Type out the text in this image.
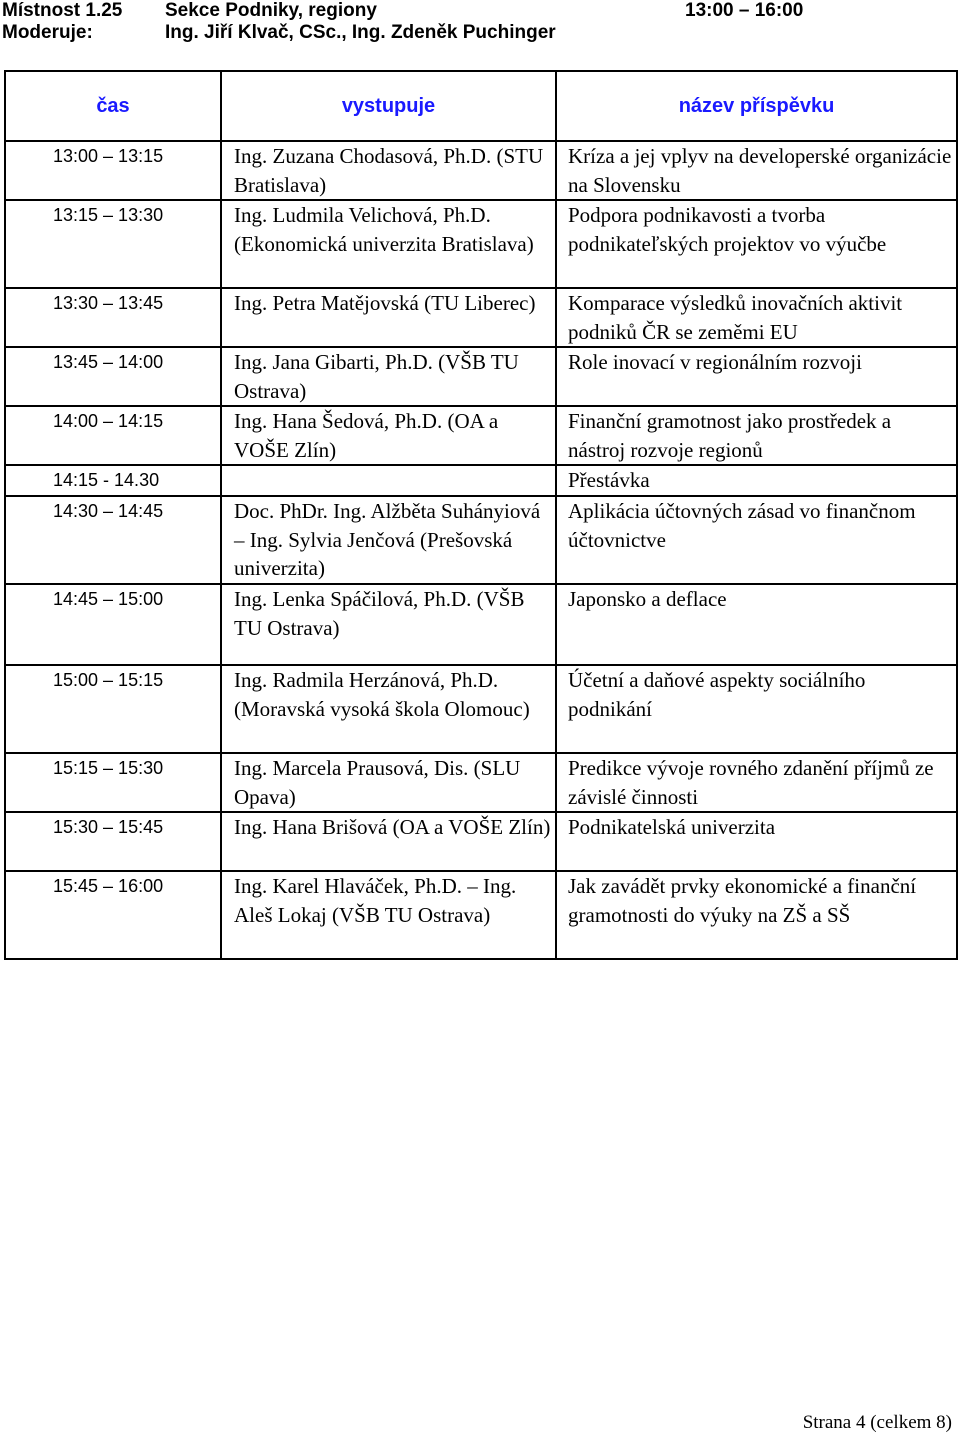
Místnost 1.25

Sekce Podniky, regiony

	13:00 – 16:00

Moderuje:

	Ing. Jiří Klvač, CSc., Ing. Zdeněk Puchinger

čas	vystupuje	název příspěvku
13:00 – 13:15	Ing. Zuzana Chodasová, Ph.D. (STU Bratislava)	Kríza a jej vplyv na developerské organizácie na Slovensku
13:15 – 13:30	Ing. Ludmila Velichová, Ph.D. (Ekonomická univerzita Bratislava)	Podpora podnikavosti a tvorba podnikateľských projektov vo výučbe
13:30 – 13:45	Ing. Petra Matějovská (TU Liberec)	Komparace výsledků inovačních aktivit podniků ČR se zeměmi EU
13:45 – 14:00	Ing. Jana Gibarti, Ph.D. (VŠB TU Ostrava)	Role inovací v regionálním rozvoji
14:00 – 14:15	Ing. Hana Šedová, Ph.D. (OA a VOŠE Zlín)	Finanční gramotnost jako prostředek a nástroj rozvoje regionů
14:15 - 14.30		Přestávka
14:30 – 14:45	Doc. PhDr. Ing. Alžběta Suhányiová – Ing. Sylvia Jenčová (Prešovská univerzita)	Aplikácia účtovných zásad vo finančnom účtovnictve
14:45 – 15:00	Ing. Lenka Spáčilová, Ph.D. (VŠB TU Ostrava)	Japonsko a deflace
15:00 – 15:15	Ing. Radmila Herzánová, Ph.D. (Moravská vysoká škola Olomouc)	Účetní a daňové aspekty sociálního podnikání
15:15 – 15:30	Ing. Marcela Prausová, Dis. (SLU Opava)	Predikce vývoje rovného zdanění příjmů ze závislé činnosti
15:30 – 15:45	Ing. Hana Brišová (OA a VOŠE Zlín)	Podnikatelská univerzita
15:45 – 16:00	Ing. Karel Hlaváček, Ph.D. – Ing. Aleš Lokaj (VŠB TU Ostrava)	Jak zavádět prvky ekonomické a finanční gramotnosti do výuky na ZŠ a SŠ
Strana 4 (celkem 8)
